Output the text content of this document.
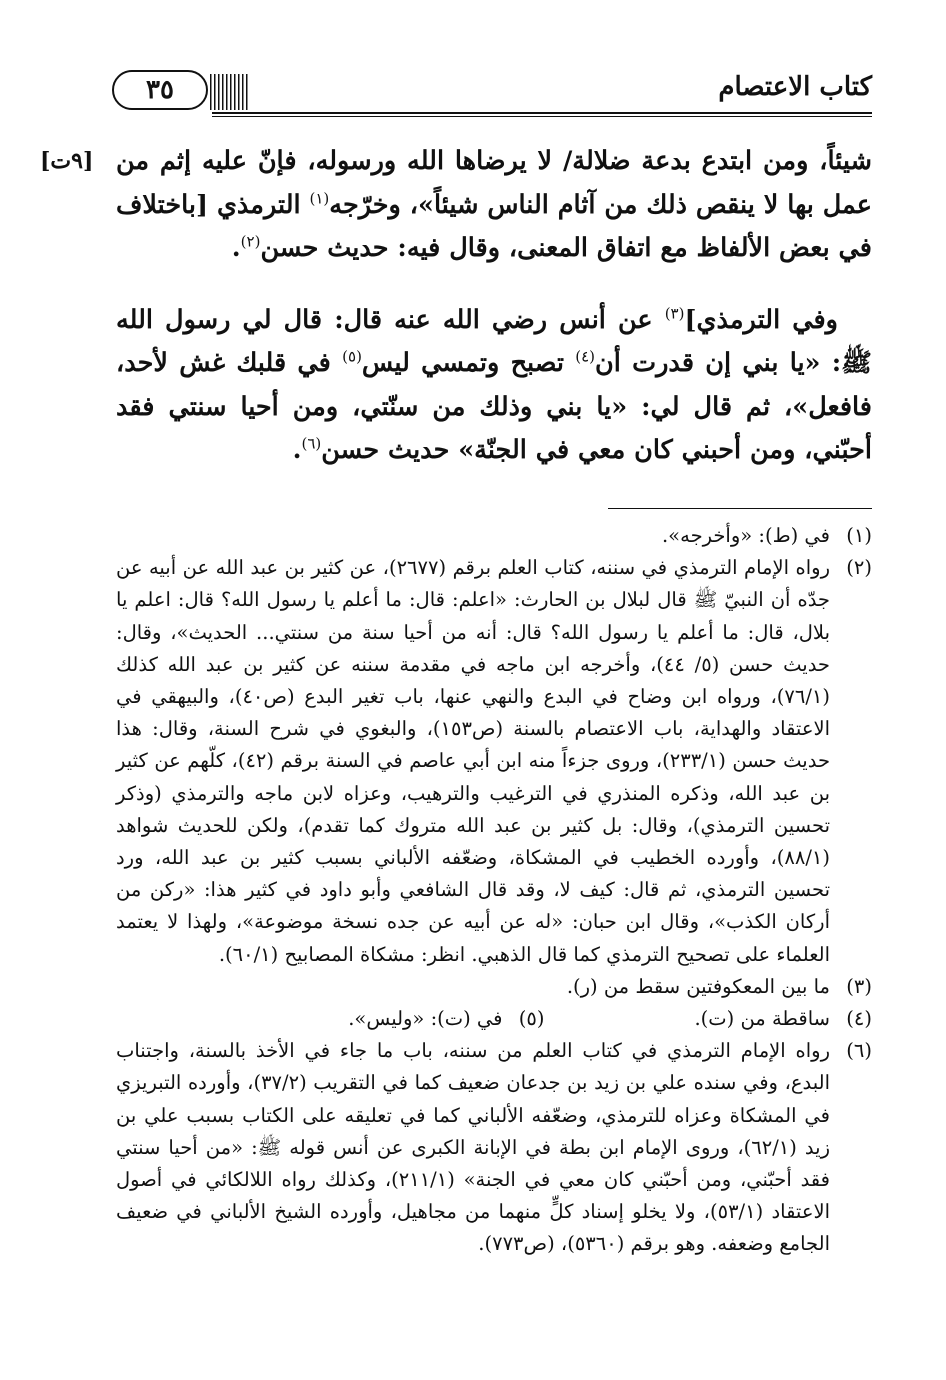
٣٥	كتاب الاعتصام
[٩ت] شيئاً، ومن ابتدع بدعة ضلالة/ لا يرضاها الله ورسوله، فإنّ عليه إثم من عمل بها لا ينقص ذلك من آثام الناس شيئاً»، وخرّجه$^{(١)}$ الترمذي [باختلاف في بعض الألفاظ مع اتفاق المعنى، وقال فيه: حديث حسن$^{(٢)}$.

وفي الترمذي]$^{(٣)}$ عن أنس رضي الله عنه قال: قال لي رسول الله ﷺ: «يا بني إن قدرت أن$^{(٤)}$ تصبح وتمسي ليس$^{(٥)}$ في قلبك غش لأحد، فافعل»، ثم قال لي: «يا بني وذلك من سنّتي، ومن أحيا سنتي فقد أحبّني، ومن أحبني كان معي في الجنّة» حديث حسن$^{(٦)}$.

(١)
في (ط): «وأخرجه».
(٢)
رواه الإمام الترمذي في سننه، كتاب العلم برقم (٢٦٧٧)، عن كثير بن عبد الله عن أبيه عن جدّه أن النبيّ ﷺ قال لبلال بن الحارث: «اعلم: قال: ما أعلم يا رسول الله؟ قال: اعلم يا بلال، قال: ما أعلم يا رسول الله؟ قال: أنه من أحيا سنة من سنتي... الحديث»، وقال: حديث حسن (٥/ ٤٤)، وأخرجه ابن ماجه في مقدمة سننه عن كثير بن عبد الله كذلك (٧٦/١)، ورواه ابن وضاح في البدع والنهي عنها، باب تغير البدع (ص٤٠)، والبيهقي في الاعتقاد والهداية، باب الاعتصام بالسنة (ص١٥٣)، والبغوي في شرح السنة، وقال: هذا حديث حسن (٢٣٣/١)، وروى جزءاً منه ابن أبي عاصم في السنة برقم (٤٢)، كلّهم عن كثير بن عبد الله، وذكره المنذري في الترغيب والترهيب، وعزاه لابن ماجه والترمذي (وذكر تحسين الترمذي)، وقال: بل كثير بن عبد الله متروك كما تقدم)، ولكن للحديث شواهد (٨٨/١)، وأورده الخطيب في المشكاة، وضعّفه الألباني بسبب كثير بن عبد الله، ورد تحسين الترمذي، ثم قال: كيف لا، وقد قال الشافعي وأبو داود في كثير هذا: «ركن من أركان الكذب»، وقال ابن حبان: «له عن أبيه عن جده نسخة موضوعة»، ولهذا لا يعتمد العلماء على تصحيح الترمذي كما قال الذهبي. انظر: مشكاة المصابيح (٦٠/١).
(٣)
ما بين المعكوفتين سقط من (ر).
(٤)
ساقطة من (ت).
(٥)
في (ت): «وليس».
(٦)
رواه الإمام الترمذي في كتاب العلم من سننه، باب ما جاء في الأخذ بالسنة، واجتناب البدع، وفي سنده علي بن زيد بن جدعان ضعيف كما في التقريب (٣٧/٢)، وأورده التبريزي في المشكاة وعزاه للترمذي، وضعّفه الألباني كما في تعليقه على الكتاب بسبب علي بن زيد (٦٢/١)، وروى الإمام ابن بطة في الإبانة الكبرى عن أنس قوله ﷺ: «من أحيا سنتي فقد أحبّني، ومن أحبّني كان معي في الجنة» (٢١١/١)، وكذلك رواه اللالكائي في أصول الاعتقاد (٥٣/١)، ولا يخلو إسناد كلٍّ منهما من مجاهيل، وأورده الشيخ الألباني في ضعيف الجامع وضعفه. وهو برقم (٥٣٦٠)، (ص٧٧٣).
